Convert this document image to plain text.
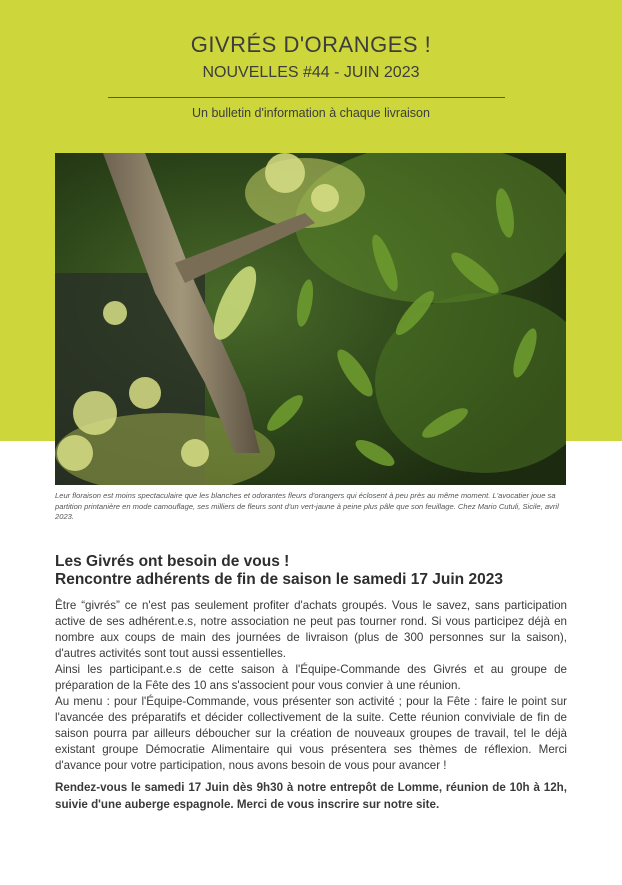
GIVRÉS D'ORANGES !
NOUVELLES #44 - JUIN 2023
Un bulletin d'information à chaque livraison
Leur floraison est moins spectaculaire que les blanches et odorantes fleurs d'orangers qui éclosent à peu près au même moment. L'avocatier joue sa partition printanière en mode camouflage, ses milliers de fleurs sont d'un vert-jaune à peine plus pâle que son feuillage. Chez Mario Cutuli, Sicile, avril 2023.
Les Givrés ont besoin de vous !
Rencontre adhérents de fin de saison le samedi 17 Juin 2023

Être “givrés” ce n'est pas seulement profiter d'achats groupés. Vous le savez, sans participation active de ses adhérent.e.s, notre association ne peut pas tourner rond. Si vous participez déjà en nombre aux coups de main des journées de livraison (plus de 300 personnes sur la saison), d'autres activités sont tout aussi essentielles.

Ainsi les participant.e.s de cette saison à l'Équipe-Commande des Givrés et au groupe de préparation de la Fête des 10 ans s'associent pour vous convier à une réunion.

Au menu : pour l'Équipe-Commande, vous présenter son activité ; pour la Fête : faire le point sur l'avancée des préparatifs et décider collectivement de la suite. Cette réunion conviviale de fin de saison pourra par ailleurs déboucher sur la création de nouveaux groupes de travail, tel le déjà existant groupe Démocratie Alimentaire qui vous présentera ses thèmes de réflexion. Merci d'avance pour votre participation, nous avons besoin de vous pour avancer !

Rendez-vous le samedi 17 Juin dès 9h30 à notre entrepôt de Lomme, réunion de 10h à 12h, suivie d'une auberge espagnole. Merci de vous inscrire sur notre site.
